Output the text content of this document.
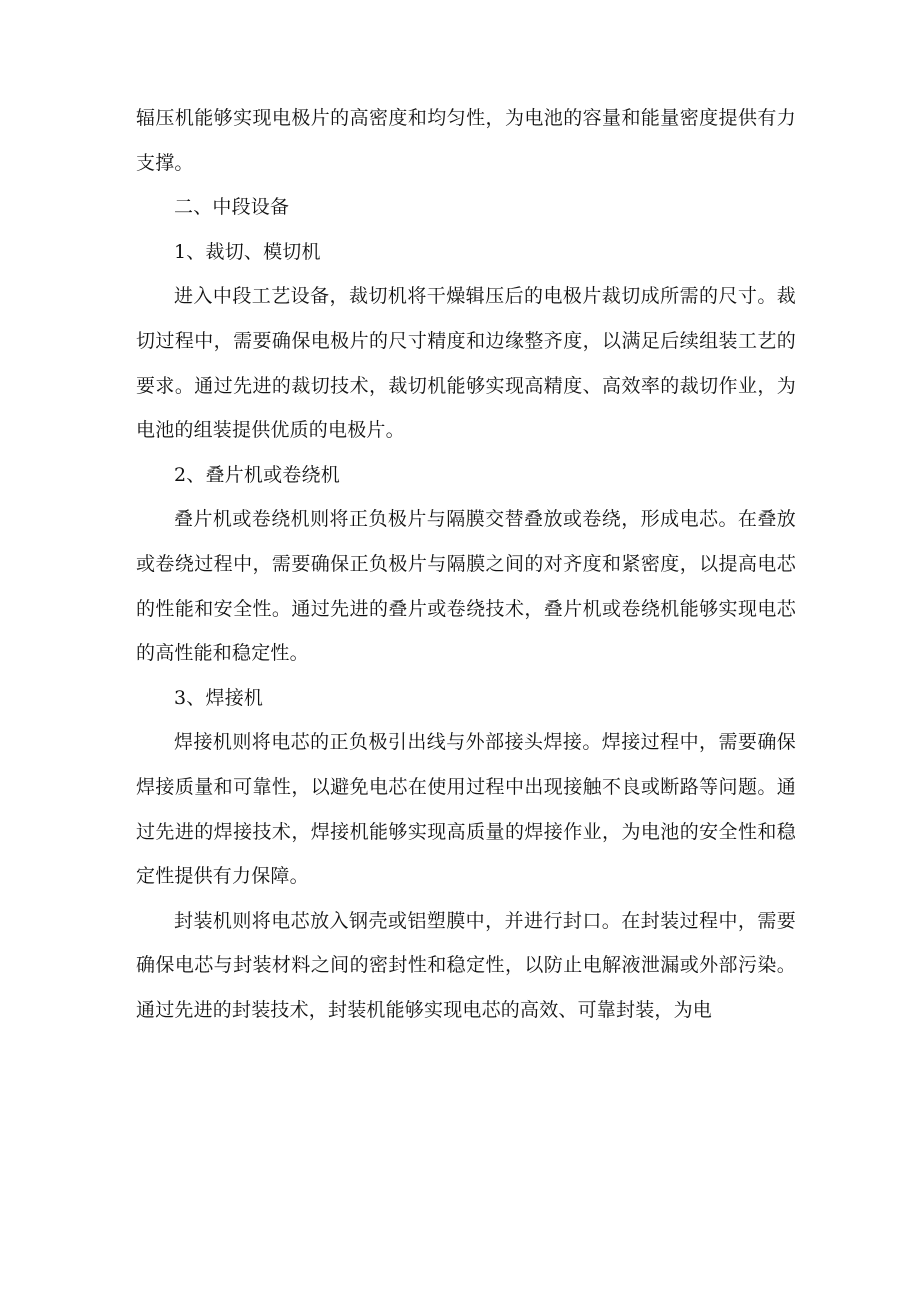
辐压机能够实现电极片的高密度和均匀性，为电池的容量和能量密度提供有力支撑。

二、中段设备

1、裁切、模切机

进入中段工艺设备，裁切机将干燥辑压后的电极片裁切成所需的尺寸。裁切过程中，需要确保电极片的尺寸精度和边缘整齐度，以满足后续组装工艺的要求。通过先进的裁切技术，裁切机能够实现高精度、高效率的裁切作业，为电池的组装提供优质的电极片。

2、叠片机或卷绕机

叠片机或卷绕机则将正负极片与隔膜交替叠放或卷绕，形成电芯。在叠放或卷绕过程中，需要确保正负极片与隔膜之间的对齐度和紧密度，以提高电芯的性能和安全性。通过先进的叠片或卷绕技术，叠片机或卷绕机能够实现电芯的高性能和稳定性。

3、焊接机

焊接机则将电芯的正负极引出线与外部接头焊接。焊接过程中，需要确保焊接质量和可靠性，以避免电芯在使用过程中出现接触不良或断路等问题。通过先进的焊接技术，焊接机能够实现高质量的焊接作业，为电池的安全性和稳定性提供有力保障。

封装机则将电芯放入钢壳或铝塑膜中，并进行封口。在封装过程中，需要确保电芯与封装材料之间的密封性和稳定性，以防止电解液泄漏或外部污染。通过先进的封装技术，封装机能够实现电芯的高效、可靠封装，为电
